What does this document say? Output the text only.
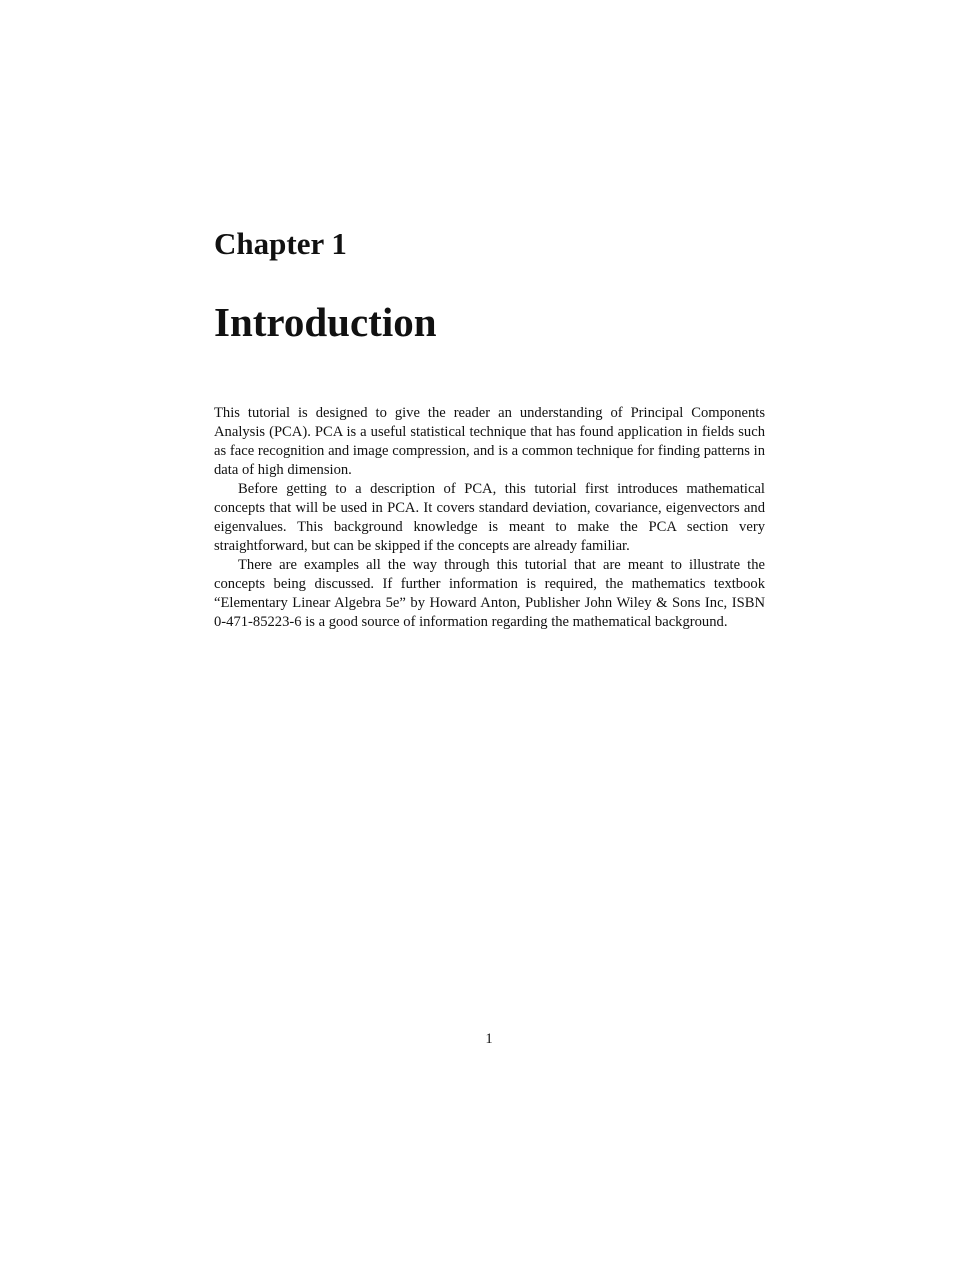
Chapter 1
Introduction

This tutorial is designed to give the reader an understanding of Principal Components Analysis (PCA). PCA is a useful statistical technique that has found application in fields such as face recognition and image compression, and is a common technique for finding patterns in data of high dimension.

Before getting to a description of PCA, this tutorial first introduces mathematical concepts that will be used in PCA. It covers standard deviation, covariance, eigenvectors and eigenvalues. This background knowledge is meant to make the PCA section very straightforward, but can be skipped if the concepts are already familiar.

There are examples all the way through this tutorial that are meant to illustrate the concepts being discussed. If further information is required, the mathematics textbook “Elementary Linear Algebra 5e” by Howard Anton, Publisher John Wiley & Sons Inc, ISBN 0-471-85223-6 is a good source of information regarding the mathematical background.

1
